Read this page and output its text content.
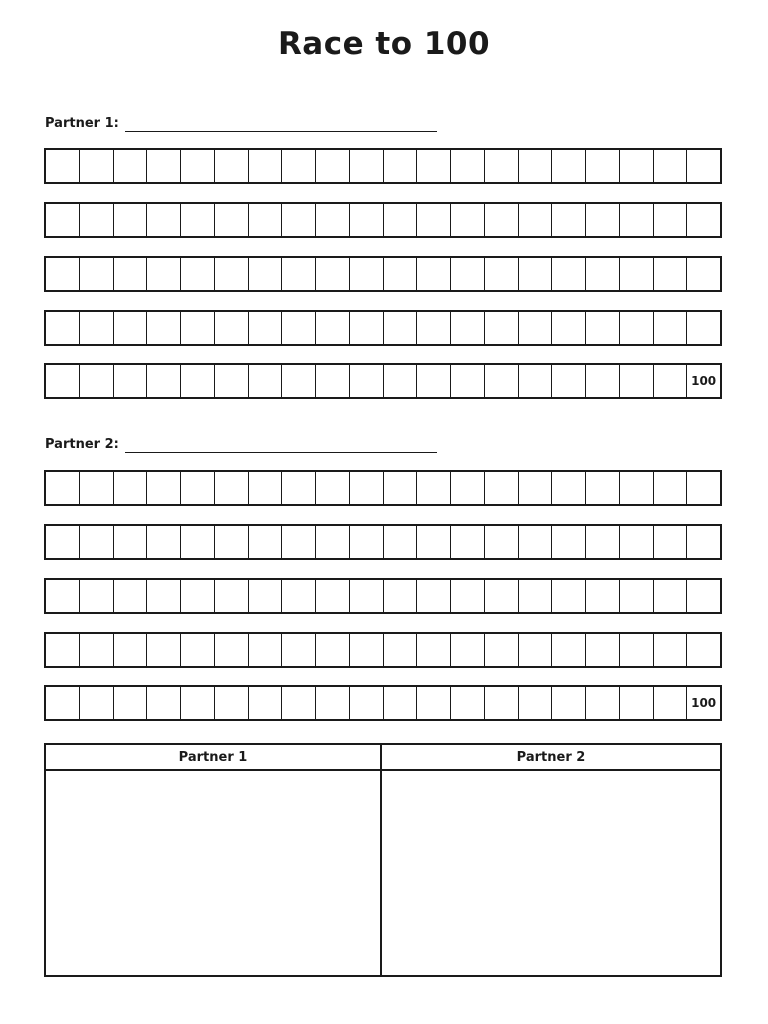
Race to 100
Partner 1:
100
Partner 2:
100
Partner 1	Partner 2
